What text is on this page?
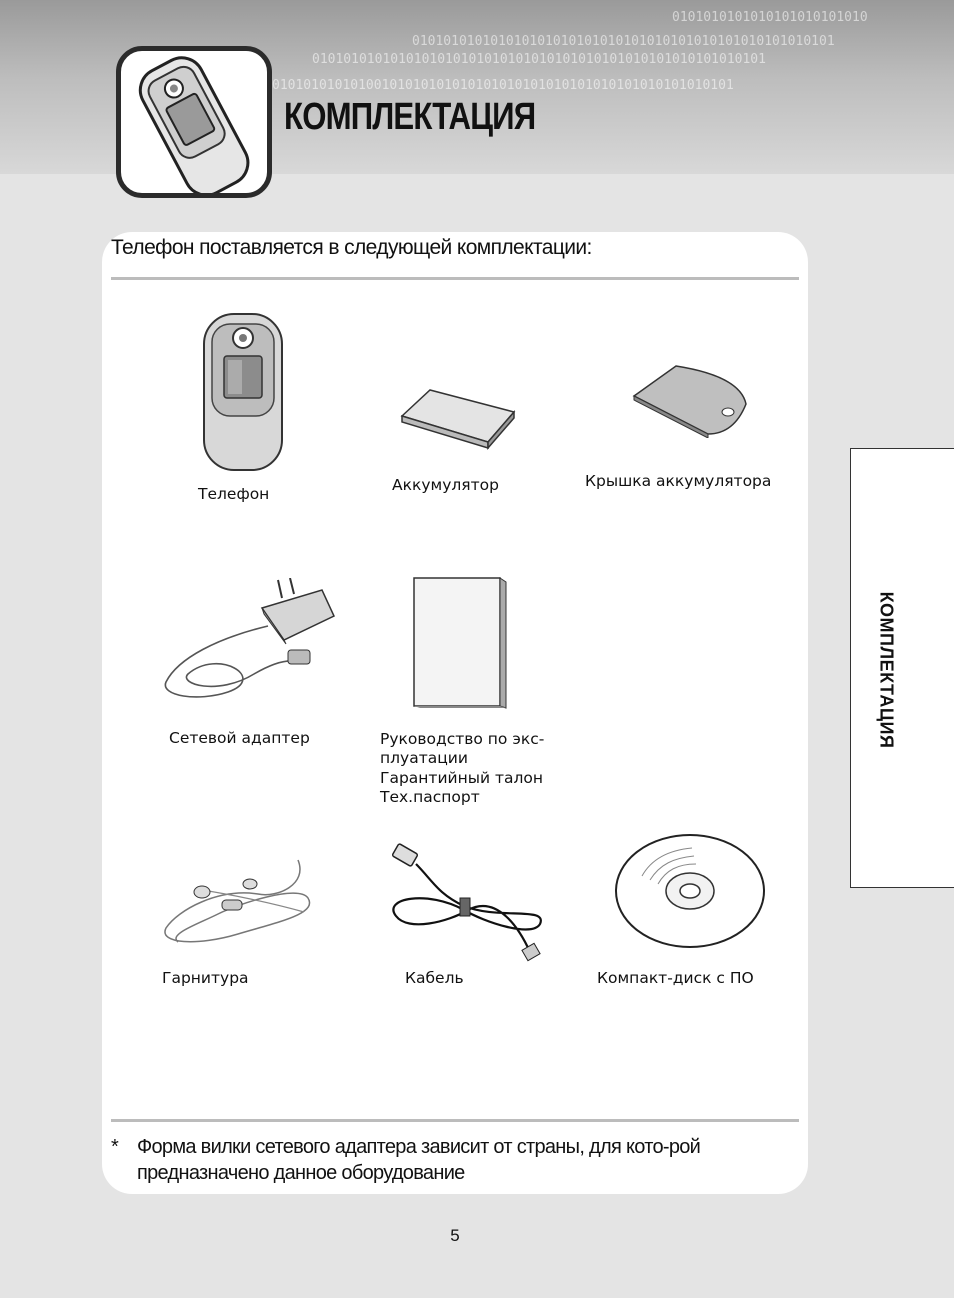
0101010101010101010101010
010101010101010101010101010101010101010101010101010101
0101010101010101010101010101010101010101010101010101010101
01010101010100101010101010101010101010101010101010101010101
КОМПЛЕКТАЦИЯ
Телефон поставляется в следующей комплектации:
Телефон	Аккумулятор	Крышка аккумулятора
Сетевой адаптер	Руководство по экс-
плуатации
Гарантийный талон
Тех.паспорт
Гарнитура	Кабель	Компакт-диск с ПО
* Форма вилки сетевого адаптера зависит от страны, для кото-рой предназначено данное оборудование
КОМПЛЕКТАЦИЯ
5
